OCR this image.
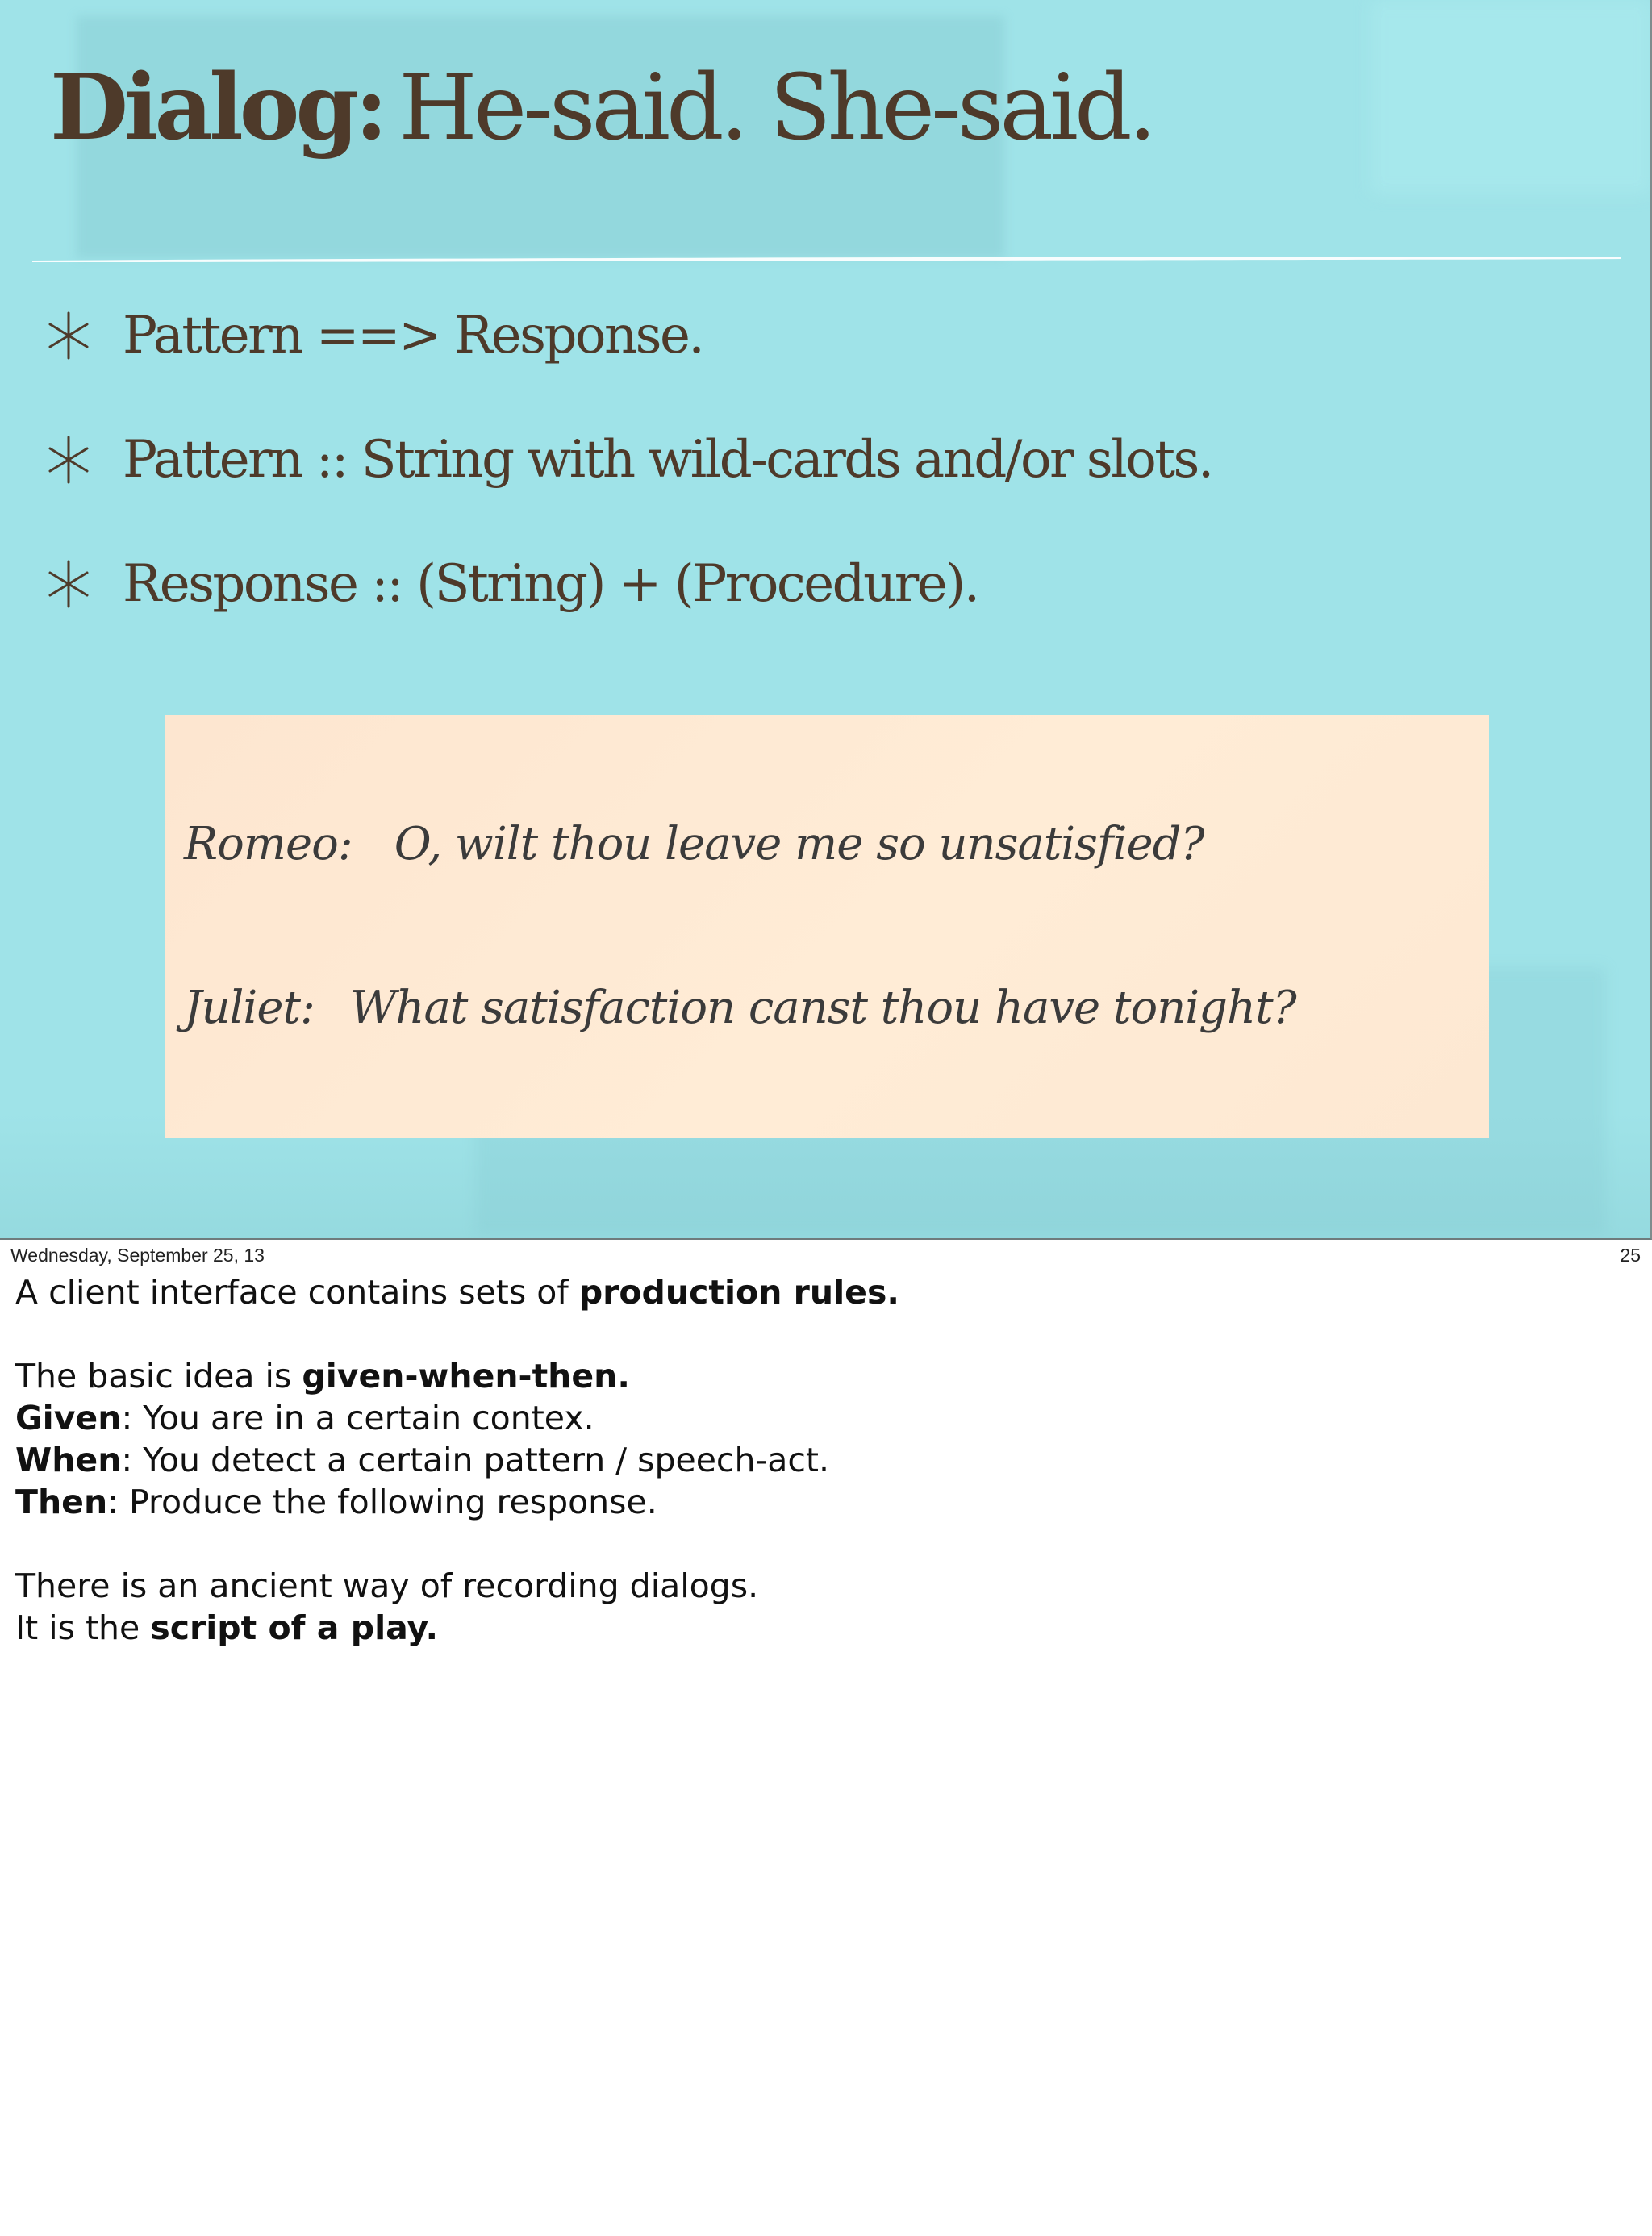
Dialog: He-said. She-said.
Pattern ==> Response.
Pattern :: String with wild-cards and/or slots.
Response :: (String) + (Procedure).
Romeo: O, wilt thou leave me so unsatisfied?
Juliet: What satisfaction canst thou have tonight?
Wednesday, September 25, 13	25

A client interface contains sets of production rules.

The basic idea is given-when-then.

Given: You are in a certain contex.

When: You detect a certain pattern / speech-act.

Then: Produce the following response.

There is an ancient way of recording dialogs.

It is the script of a play.
